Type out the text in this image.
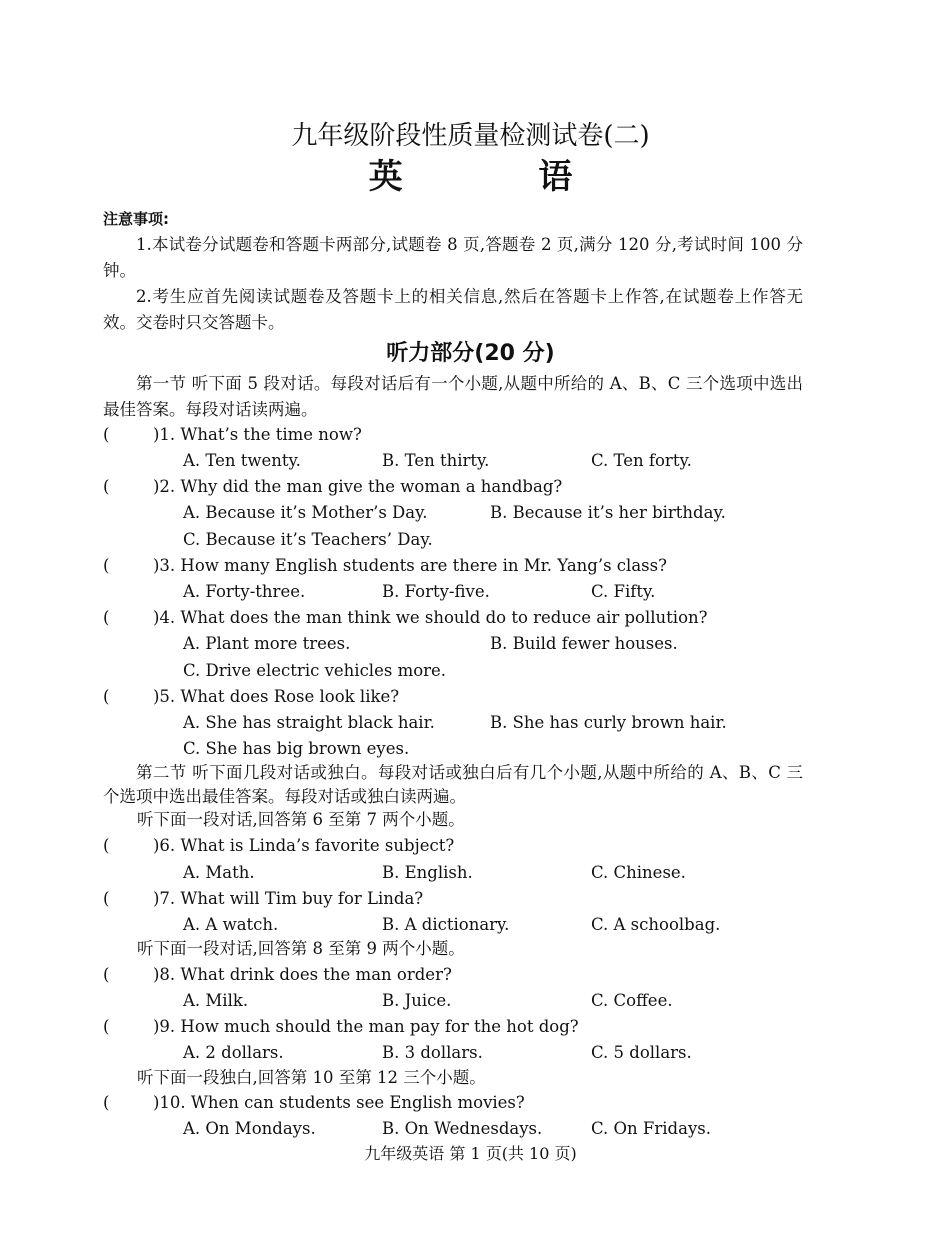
九年级阶段性质量检测试卷(二)
英 语
注意事项:
1.本试卷分试题卷和答题卡两部分,试题卷 8 页,答题卷 2 页,满分 120 分,考试时间 100 分钟。
2.考生应首先阅读试题卷及答题卡上的相关信息,然后在答题卡上作答,在试题卷上作答无效。交卷时只交答题卡。
听力部分(20 分)
第一节 听下面 5 段对话。每段对话后有一个小题,从题中所给的 A、B、C 三个选项中选出最佳答案。每段对话读两遍。
(	)1. What’s the time now?
A. Ten twenty.	B. Ten thirty.	C. Ten forty.
(	)2. Why did the man give the woman a handbag?
A. Because it’s Mother’s Day.	B. Because it’s her birthday.
C. Because it’s Teachers’ Day.
(	)3. How many English students are there in Mr. Yang’s class?
A. Forty-three.	B. Forty-five.	C. Fifty.
(	)4. What does the man think we should do to reduce air pollution?
A. Plant more trees.	B. Build fewer houses.
C. Drive electric vehicles more.
(	)5. What does Rose look like?
A. She has straight black hair.	B. She has curly brown hair.
C. She has big brown eyes.
第二节 听下面几段对话或独白。每段对话或独白后有几个小题,从题中所给的 A、B、C 三个选项中选出最佳答案。每段对话或独白读两遍。
听下面一段对话,回答第 6 至第 7 两个小题。
(	)6. What is Linda’s favorite subject?
A. Math.	B. English.	C. Chinese.
(	)7. What will Tim buy for Linda?
A. A watch.	B. A dictionary.	C. A schoolbag.
听下面一段对话,回答第 8 至第 9 两个小题。
(	)8. What drink does the man order?
A. Milk.	B. Juice.	C. Coffee.
(	)9. How much should the man pay for the hot dog?
A. 2 dollars.	B. 3 dollars.	C. 5 dollars.
听下面一段独白,回答第 10 至第 12 三个小题。
(	)10. When can students see English movies?
A. On Mondays.	B. On Wednesdays.	C. On Fridays.
九年级英语 第 1 页(共 10 页)
